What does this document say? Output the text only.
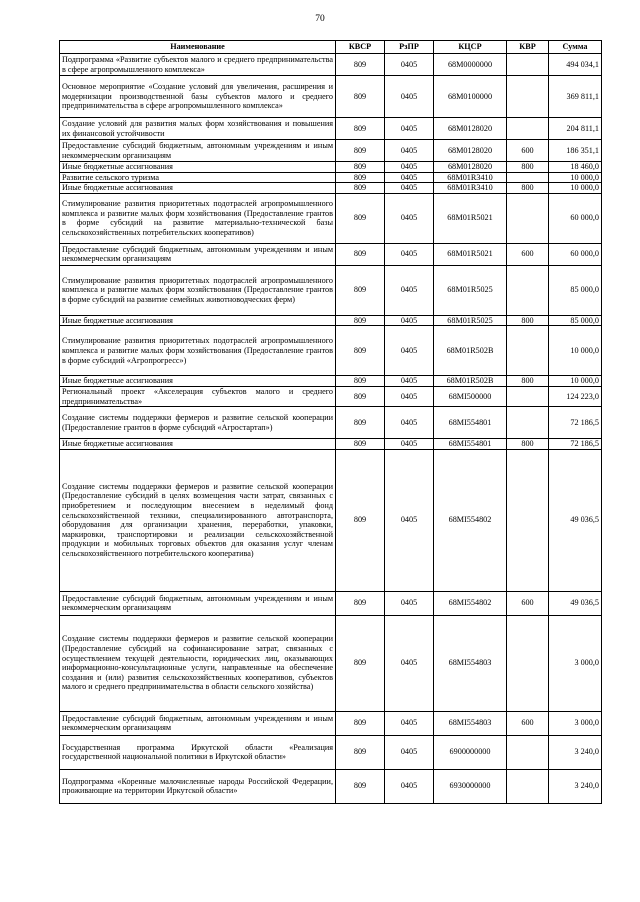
70
Наименование	КВСР	РзПР	КЦСР	КВР	Сумма
Подпрограмма «Развитие субъектов малого и среднего предпринимательства в сфере агропромышленного комплекса»	809	0405	68М0000000		494 034,1
Основное мероприятие «Создание условий для увеличения, расширения и модернизации производственной базы субъектов малого и среднего предпринимательства в сфере агропромышленного комплекса»	809	0405	68М0100000		369 811,1
Создание условий для развития малых форм хозяйствования и повышения их финансовой устойчивости	809	0405	68М0128020		204 811,1
Предоставление субсидий бюджетным, автономным учреждениям и иным некоммерческим организациям	809	0405	68М0128020	600	186 351,1
Иные бюджетные ассигнования	809	0405	68М0128020	800	18 460,0
Развитие сельского туризма	809	0405	68М01R3410		10 000,0
Иные бюджетные ассигнования	809	0405	68М01R3410	800	10 000,0
Стимулирование развития приоритетных подотраслей агропромышленного комплекса и развитие малых форм хозяйствования (Предоставление грантов в форме субсидий на развитие материально-технической базы сельскохозяйственных потребительских кооперативов)	809	0405	68М01R5021		60 000,0
Предоставление субсидий бюджетным, автономным учреждениям и иным некоммерческим организациям	809	0405	68М01R5021	600	60 000,0
Стимулирование развития приоритетных подотраслей агропромышленного комплекса и развитие малых форм хозяйствования (Предоставление грантов в форме субсидий на развитие семейных животноводческих ферм)	809	0405	68М01R5025		85 000,0
Иные бюджетные ассигнования	809	0405	68М01R5025	800	85 000,0
Стимулирование развития приоритетных подотраслей агропромышленного комплекса и развитие малых форм хозяйствования (Предоставление грантов в форме субсидий «Агропрогресс»)	809	0405	68М01R502В		10 000,0
Иные бюджетные ассигнования	809	0405	68М01R502В	800	10 000,0
Региональный проект «Акселерация субъектов малого и среднего предпринимательства»	809	0405	68МI500000		124 223,0
Создание системы поддержки фермеров и развитие сельской кооперации (Предоставление грантов в форме субсидий «Агростартап»)	809	0405	68МI554801		72 186,5
Иные бюджетные ассигнования	809	0405	68МI554801	800	72 186,5
Создание системы поддержки фермеров и развитие сельской кооперации (Предоставление субсидий в целях возмещения части затрат, связанных с приобретением и последующим внесением в неделимый фонд сельскохозяйственной техники, специализированного автотранспорта, оборудования для организации хранения, переработки, упаковки, маркировки, транспортировки и реализации сельскохозяйственной продукции и мобильных торговых объектов для оказания услуг членам сельскохозяйственного потребительского кооператива)	809	0405	68МI554802		49 036,5
Предоставление субсидий бюджетным, автономным учреждениям и иным некоммерческим организациям	809	0405	68МI554802	600	49 036,5
Создание системы поддержки фермеров и развитие сельской кооперации (Предоставление субсидий на софинансирование затрат, связанных с осуществлением текущей деятельности, юридических лиц, оказывающих информационно-консультационные услуги, направленные на обеспечение создания и (или) развития сельскохозяйственных кооперативов, субъектов малого и среднего предпринимательства в области сельского хозяйства)	809	0405	68МI554803		3 000,0
Предоставление субсидий бюджетным, автономным учреждениям и иным некоммерческим организациям	809	0405	68МI554803	600	3 000,0
Государственная программа Иркутской области «Реализация государственной национальной политики в Иркутской области»	809	0405	6900000000		3 240,0
Подпрограмма «Коренные малочисленные народы Российской Федерации, проживающие на территории Иркутской области»	809	0405	6930000000		3 240,0
